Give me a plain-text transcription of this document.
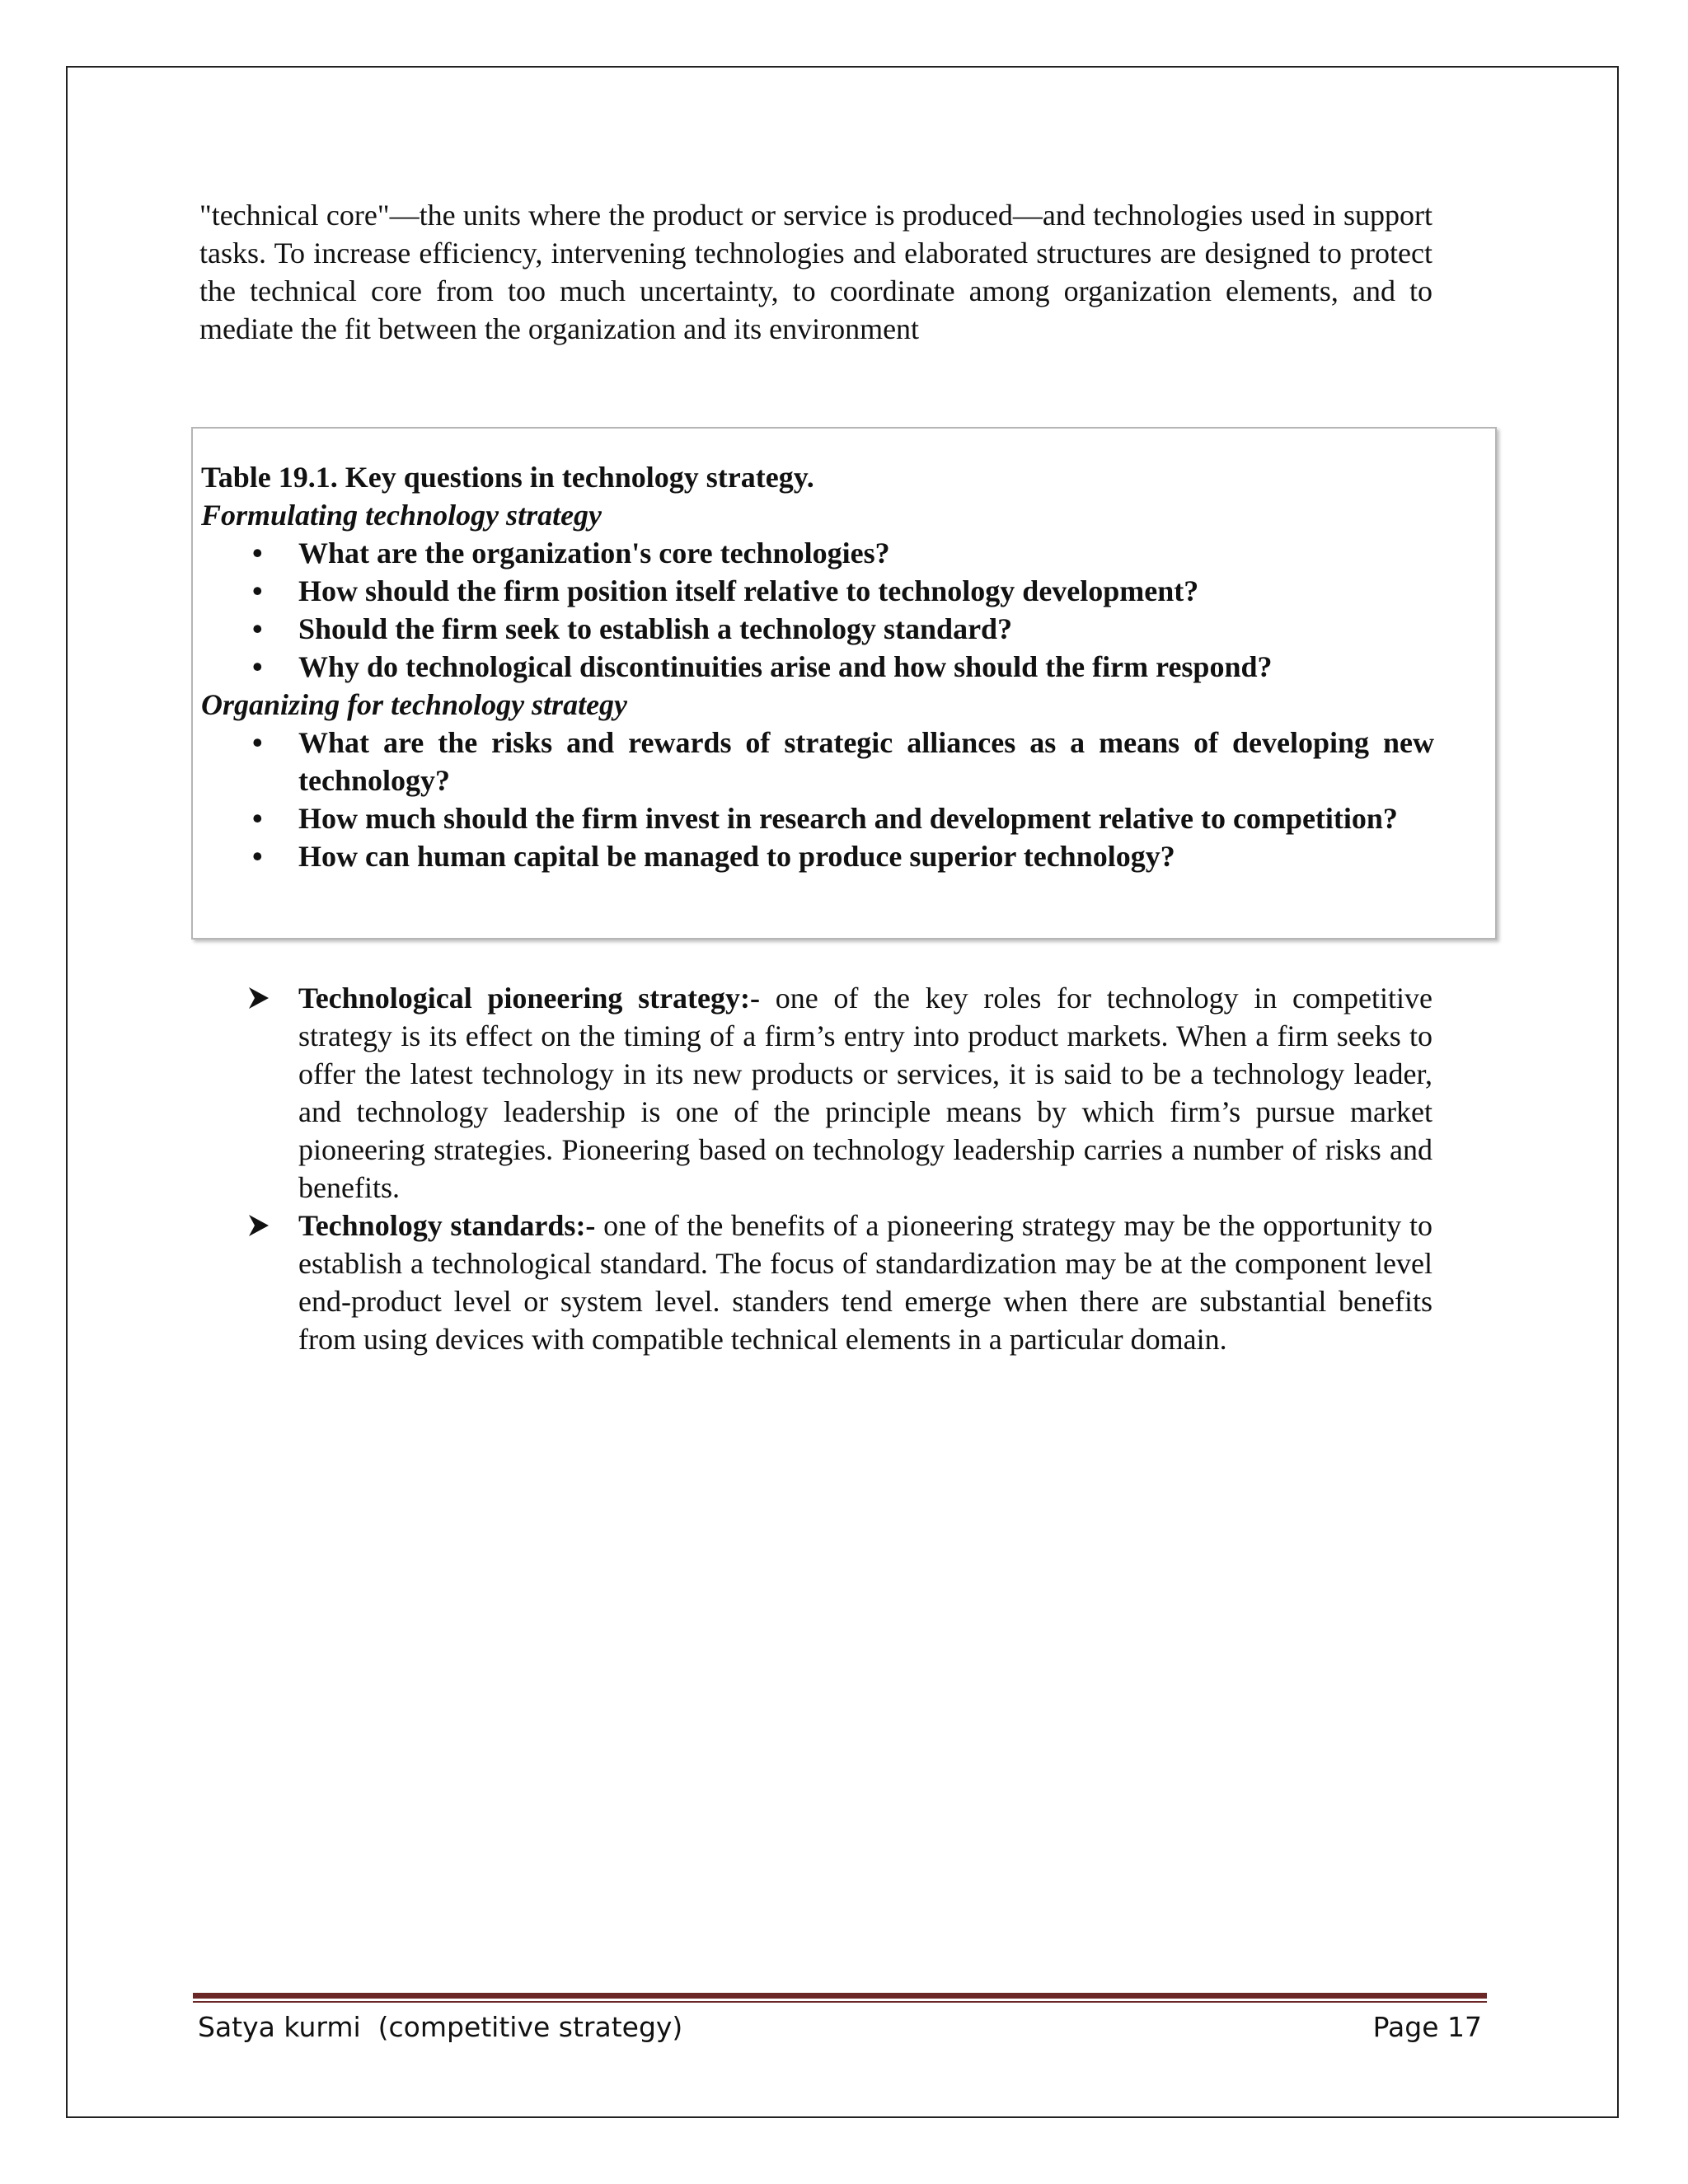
"technical core"—the units where the product or service is produced—and technologies used in support tasks. To increase efficiency, intervening technologies and elaborated structures are designed to protect the technical core from too much uncertainty, to coordinate among organization elements, and to mediate the fit between the organization and its environment

Table 19.1. Key questions in technology strategy.
Formulating technology strategy
• What are the organization's core technologies?
• How should the firm position itself relative to technology development?
• Should the firm seek to establish a technology standard?
• Why do technological discontinuities arise and how should the firm respond?
Organizing for technology strategy
• What are the risks and rewards of strategic alliances as a means of developing new technology?
• How much should the firm invest in research and development relative to competition?
• How can human capital be managed to produce superior technology?
Technological pioneering strategy:- one of the key roles for technology in competitive strategy is its effect on the timing of a firm’s entry into product markets. When a firm seeks to offer the latest technology in its new products or services, it is said to be a technology leader, and technology leadership is one of the principle means by which firm’s pursue market pioneering strategies. Pioneering based on technology leadership carries a number of risks and benefits.
Technology standards:- one of the benefits of a pioneering strategy may be the opportunity to establish a technological standard. The focus of standardization may be at the component level end-product level or system level. standers tend emerge when there are substantial benefits from using devices with compatible technical elements in a particular domain.
Satya kurmi  (competitive strategy)	Page 17
